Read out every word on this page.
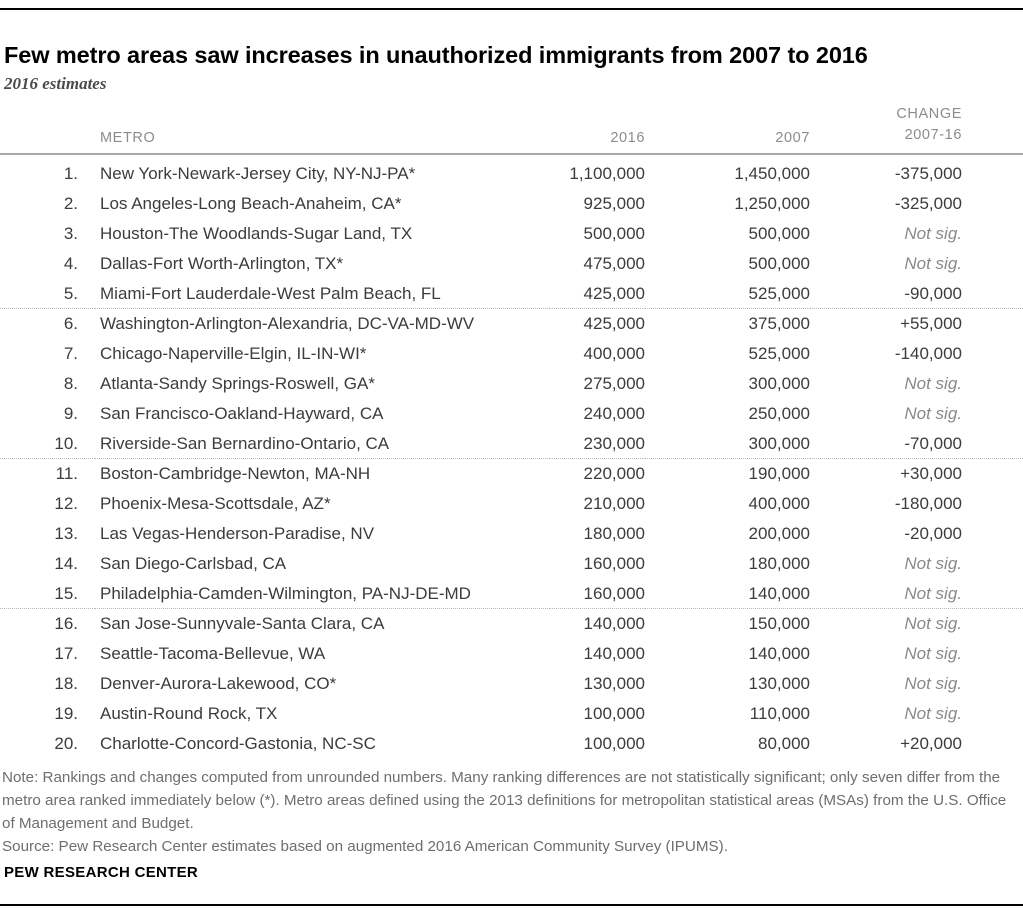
Few metro areas saw increases in unauthorized immigrants from 2007 to 2016
2016 estimates
	METRO	2016	2007	CHANGE
2007-16

1.	New York-Newark-Jersey City, NY-NJ-PA*	1,100,000	1,450,000	-375,000
2.	Los Angeles-Long Beach-Anaheim, CA*	925,000	1,250,000	-325,000
3.	Houston-The Woodlands-Sugar Land, TX	500,000	500,000	Not sig.
4.	Dallas-Fort Worth-Arlington, TX*	475,000	500,000	Not sig.
5.	Miami-Fort Lauderdale-West Palm Beach, FL	425,000	525,000	-90,000
6.	Washington-Arlington-Alexandria, DC-VA-MD-WV	425,000	375,000	+55,000
7.	Chicago-Naperville-Elgin, IL-IN-WI*	400,000	525,000	-140,000
8.	Atlanta-Sandy Springs-Roswell, GA*	275,000	300,000	Not sig.
9.	San Francisco-Oakland-Hayward, CA	240,000	250,000	Not sig.
10.	Riverside-San Bernardino-Ontario, CA	230,000	300,000	-70,000
11.	Boston-Cambridge-Newton, MA-NH	220,000	190,000	+30,000
12.	Phoenix-Mesa-Scottsdale, AZ*	210,000	400,000	-180,000
13.	Las Vegas-Henderson-Paradise, NV	180,000	200,000	-20,000
14.	San Diego-Carlsbad, CA	160,000	180,000	Not sig.
15.	Philadelphia-Camden-Wilmington, PA-NJ-DE-MD	160,000	140,000	Not sig.
16.	San Jose-Sunnyvale-Santa Clara, CA	140,000	150,000	Not sig.
17.	Seattle-Tacoma-Bellevue, WA	140,000	140,000	Not sig.
18.	Denver-Aurora-Lakewood, CO*	130,000	130,000	Not sig.
19.	Austin-Round Rock, TX	100,000	110,000	Not sig.
20.	Charlotte-Concord-Gastonia, NC-SC	100,000	80,000	+20,000

Note: Rankings and changes computed from unrounded numbers. Many ranking differences are not statistically significant; only seven differ from the metro area ranked immediately below (*). Metro areas defined using the 2013 definitions for metropolitan statistical areas (MSAs) from the U.S. Office of Management and Budget.

Source: Pew Research Center estimates based on augmented 2016 American Community Survey (IPUMS).

PEW RESEARCH CENTER
